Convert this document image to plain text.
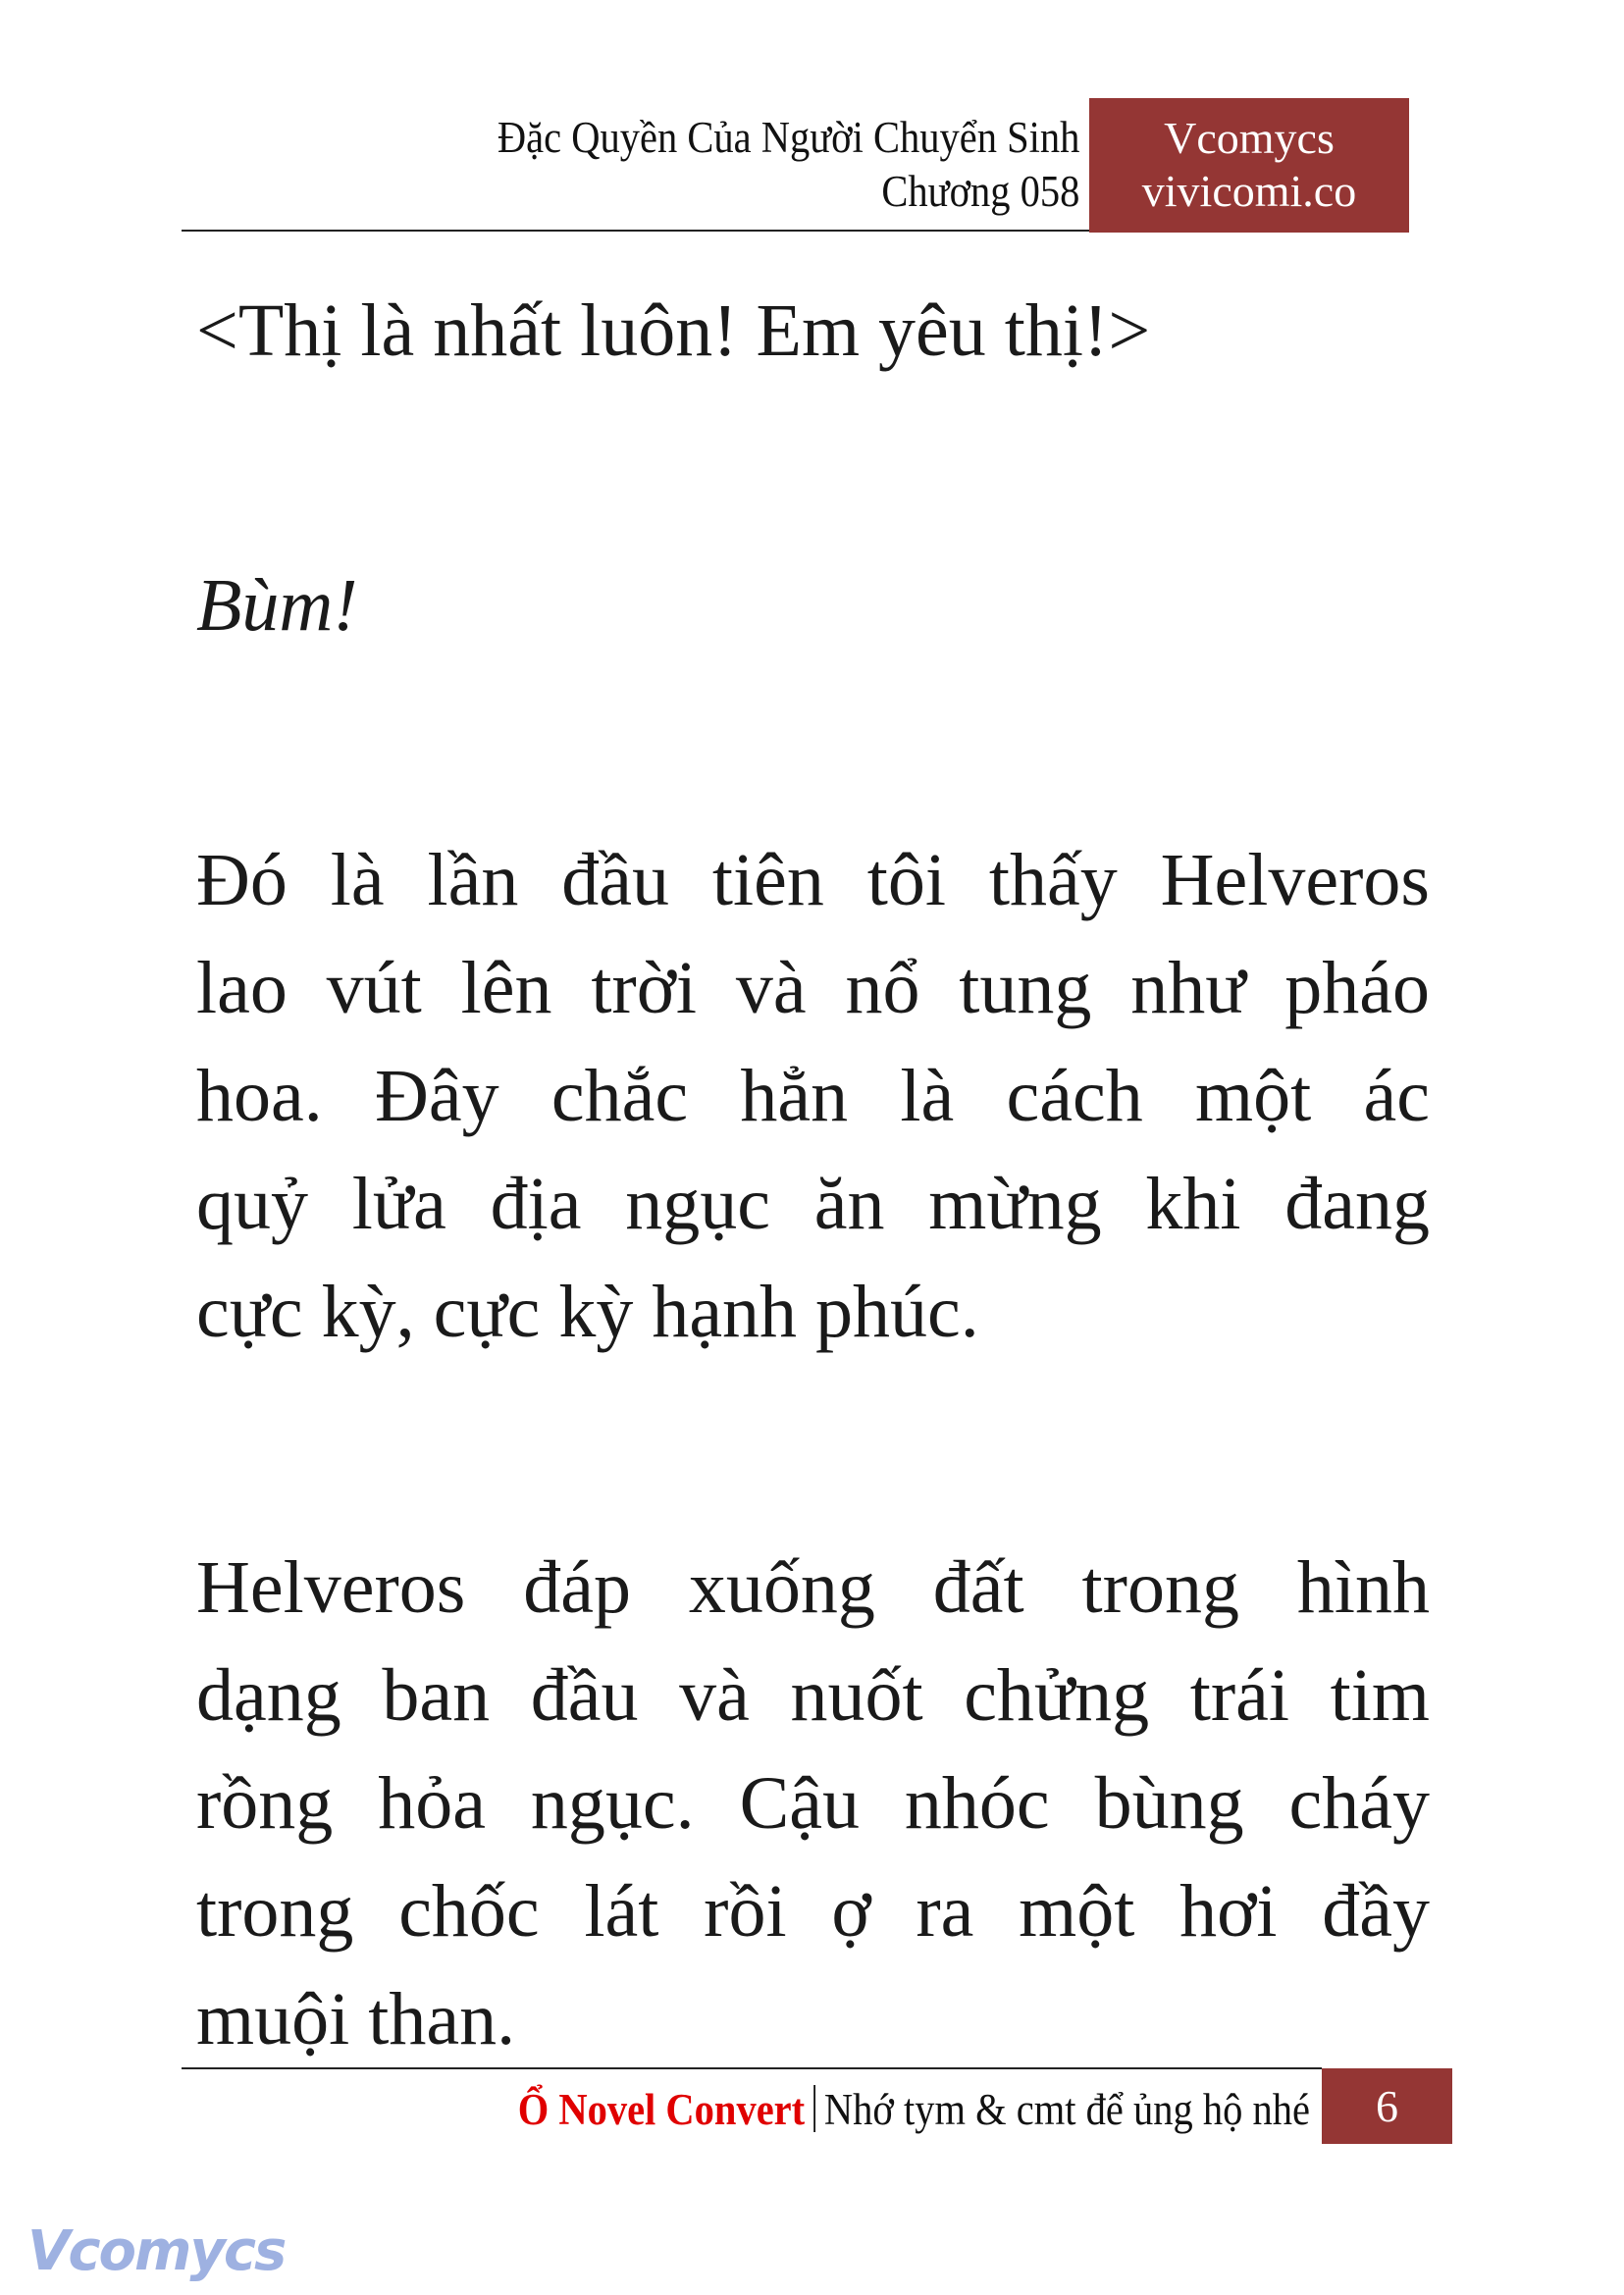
Đặc Quyền Của Người Chuyển Sinh
Chương 058
Vcomycs
vivicomi.co

<Thị là nhất luôn! Em yêu thị!>

Bùm!

Đó là lần đầu tiên tôi thấy Helveros

lao vút lên trời và nổ tung như pháo

hoa. Đây chắc hẳn là cách một ác

quỷ lửa địa ngục ăn mừng khi đang

cực kỳ, cực kỳ hạnh phúc.

Helveros đáp xuống đất trong hình

dạng ban đầu và nuốt chửng trái tim

rồng hỏa ngục. Cậu nhóc bùng cháy

trong chốc lát rồi ợ ra một hơi đầy

muội than.

Ổ Novel Convert Nhớ tym & cmt để ủng hộ nhé	6
Vcomycs
